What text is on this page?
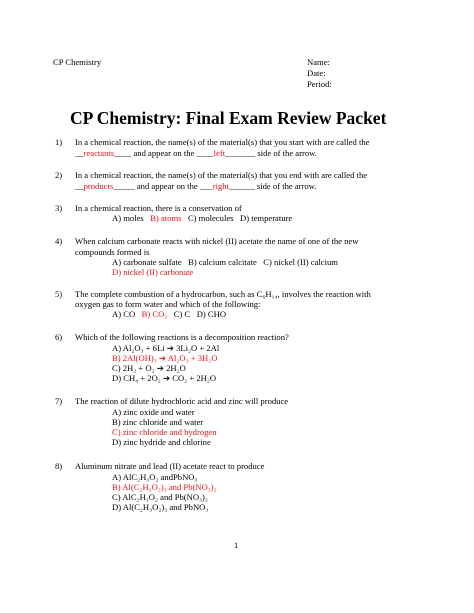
CP Chemistry	Name:
Date:
Period:
CP Chemistry: Final Exam Review Packet
1) In a chemical reaction, the name(s) of the material(s) that you start with are called the
__reactants____ and appear on the ____left_______ side of the arrow.
2) In a chemical reaction, the name(s) of the material(s) that you end with are called the
__products_____ and appear on the ___right______ side of the arrow.
3) In a chemical reaction, there is a conservation of
A) moles B) atoms C) molecules D) temperature
4) When calcium carbonate reacts with nickel (II) acetate the name of one of the new
compounds formed is
A) carbonate sulfate B) calcium calcitate C) nickel (II) calcium
D) nickel (II) carbonate
5) The complete combustion of a hydrocarbon, such as C₆H₁₄, involves the reaction with
oxygen gas to form water and which of the following:
A) CO B) CO₂ C) C D) CHO
6) Which of the following reactions is a decomposition reaction?
A) Al₂O₃ + 6Li ➔ 3Li₂O + 2Al
B) 2Al(OH)₃ ➔ Al₂O₃ + 3H₂O
C) 2H₂ + O₂ ➔ 2H₂O
D) CH₄ + 2O₂ ➔ CO₂ + 2H₂O
7) The reaction of dilute hydrochloric acid and zinc will produce
A) zinc oxide and water
B) zinc chloride and water
C) zinc chloride and hydrogen
D) zinc hydride and chlorine
8) Aluminum nitrate and lead (II) acetate react to produce
A) AlC₂H₃O₂ andPbNO₃
B) Al(C₂H₃O₂)₃ and Pb(NO₃)₂
C) AlC₂H₃O₂ and Pb(NO₃)₂
D) Al(C₂H₃O₂)₃ and PbNO₃
1
